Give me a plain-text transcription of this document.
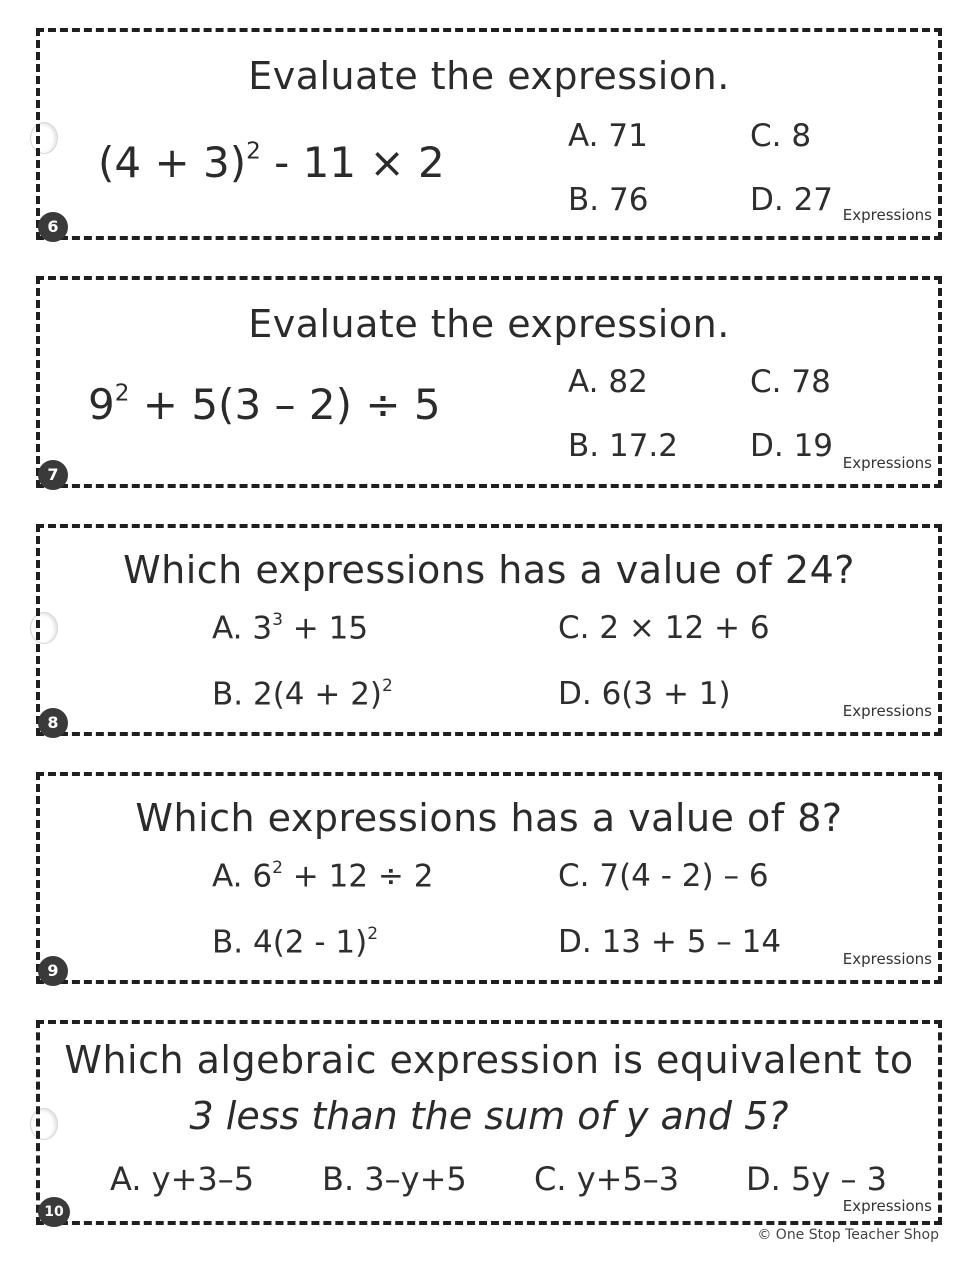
Evaluate the expression.
$(4 + 3)^2 - 11 \times 2$
A. 71
B. 76
C. 8
D. 27 Expressions
6
Evaluate the expression.
$9^2 + 5(3 - 2) \div 5$	A. 82
B. 17.2
C. 78
D. 19 Expressions
7
Which expressions has a value of 24?
A. $3^3 + 15$
B. $2(4 + 2)^2$
C. 2 × 12 + 6
D. 6(3 + 1)	Expressions
8
Which expressions has a value of 8?
A. $6^2 + 12 \div 2$
B. 4(2 - 1)$^2$
C. 7(4 - 2) – 6
D. 13 + 5 – 14	Expressions
9
Which algebraic expression is equivalent to
3 less than the sum of y and 5?
A. y+3–5 B. 3–y+5 C. y+5–3 D. 5y – 3
Expressions
10
© One Stop Teacher Shop
